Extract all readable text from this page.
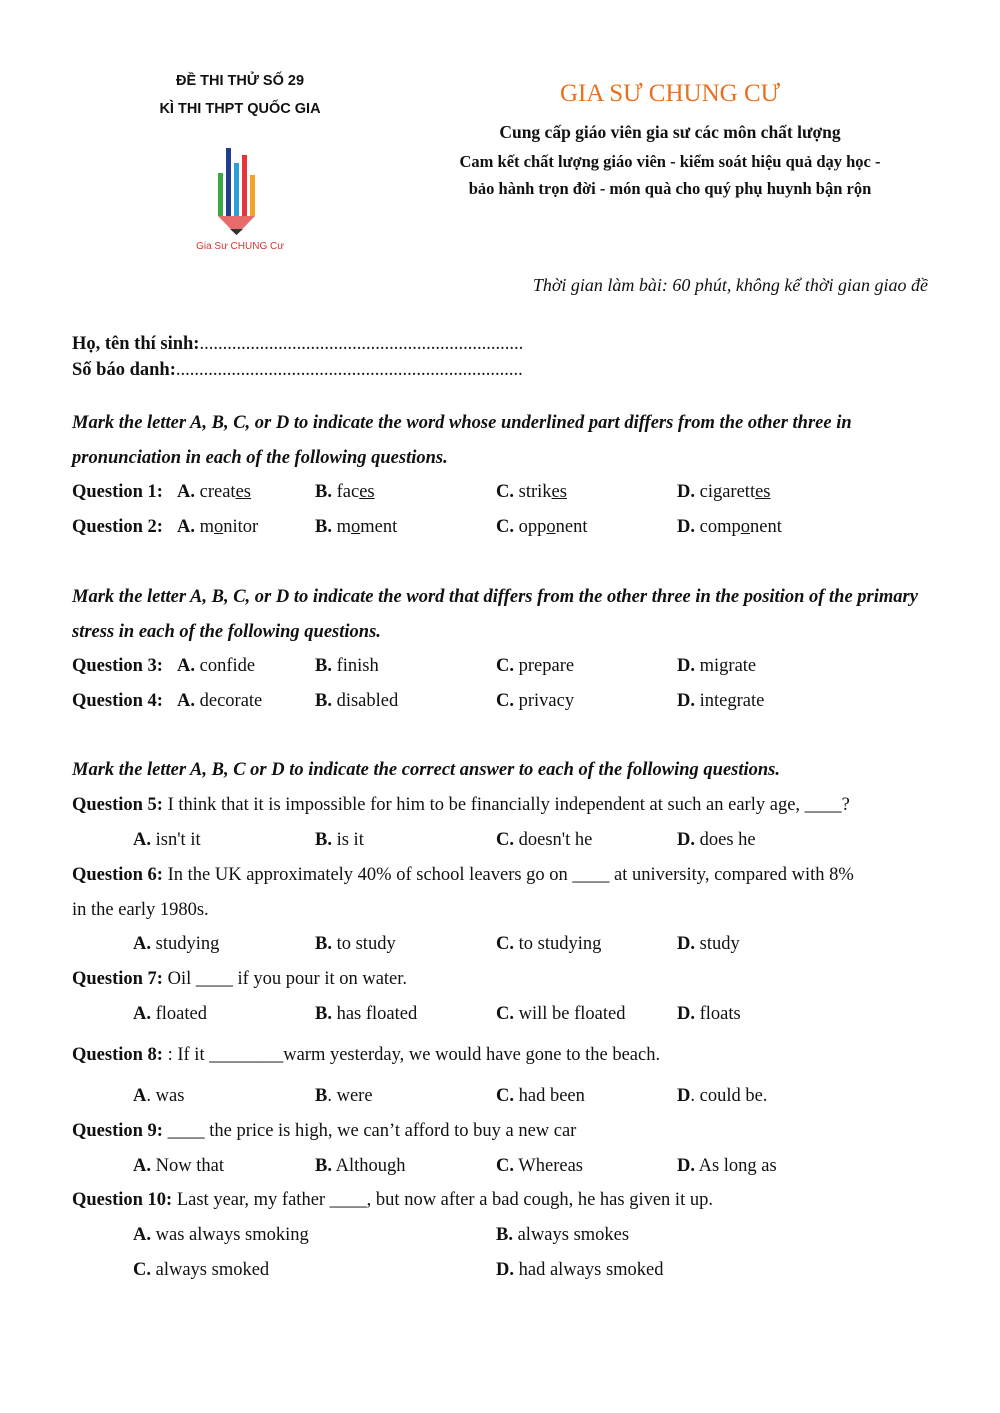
ĐỀ THI THỬ SỐ 29
KÌ THI THPT QUỐC GIA
Gia Sư CHUNG Cư
GIA SƯ CHUNG CƯ
Cung cấp giáo viên gia sư các môn chất lượng
Cam kết chất lượng giáo viên - kiểm soát hiệu quả dạy học -
bảo hành trọn đời - món quà cho quý phụ huynh bận rộn
Thời gian làm bài: 60 phút, không kể thời gian giao đề
Họ, tên thí sinh:......................................................................
Số báo danh:...........................................................................
Mark the letter A, B, C, or D to indicate the word whose underlined part differs from the other three in pronunciation in each of the following questions.
Question 1: A. creates	B. faces	C. strikes	D. cigarettes
Question 2: A. monitor	B. moment	C. opponent	D. component
Mark the letter A, B, C, or D to indicate the word that differs from the other three in the position of the primary stress in each of the following questions.
Question 3: A. confide	B. finish	C. prepare	D. migrate
Question 4: A. decorate	B. disabled	C. privacy	D. integrate
Mark the letter A, B, C or D to indicate the correct answer to each of the following questions.
Question 5: I think that it is impossible for him to be financially independent at such an early age, ____?
A. isn't it	B. is it	C. doesn't he	D. does he
Question 6: In the UK approximately 40% of school leavers go on ____ at university, compared with 8%
in the early 1980s.
A. studying	B. to study	C. to studying	D. study
Question 7: Oil ____ if you pour it on water.
A. floated	B. has floated	C. will be floated	D. floats
Question 8: : If it ________warm yesterday, we would have gone to the beach.
A. was	B. were	C. had been	D. could be.
Question 9: ____ the price is high, we can’t afford to buy a new car
A. Now that	B. Although	C. Whereas	D. As long as
Question 10: Last year, my father ____, but now after a bad cough, he has given it up.
A. was always smoking	B. always smokes
C. always smoked	D. had always smoked
